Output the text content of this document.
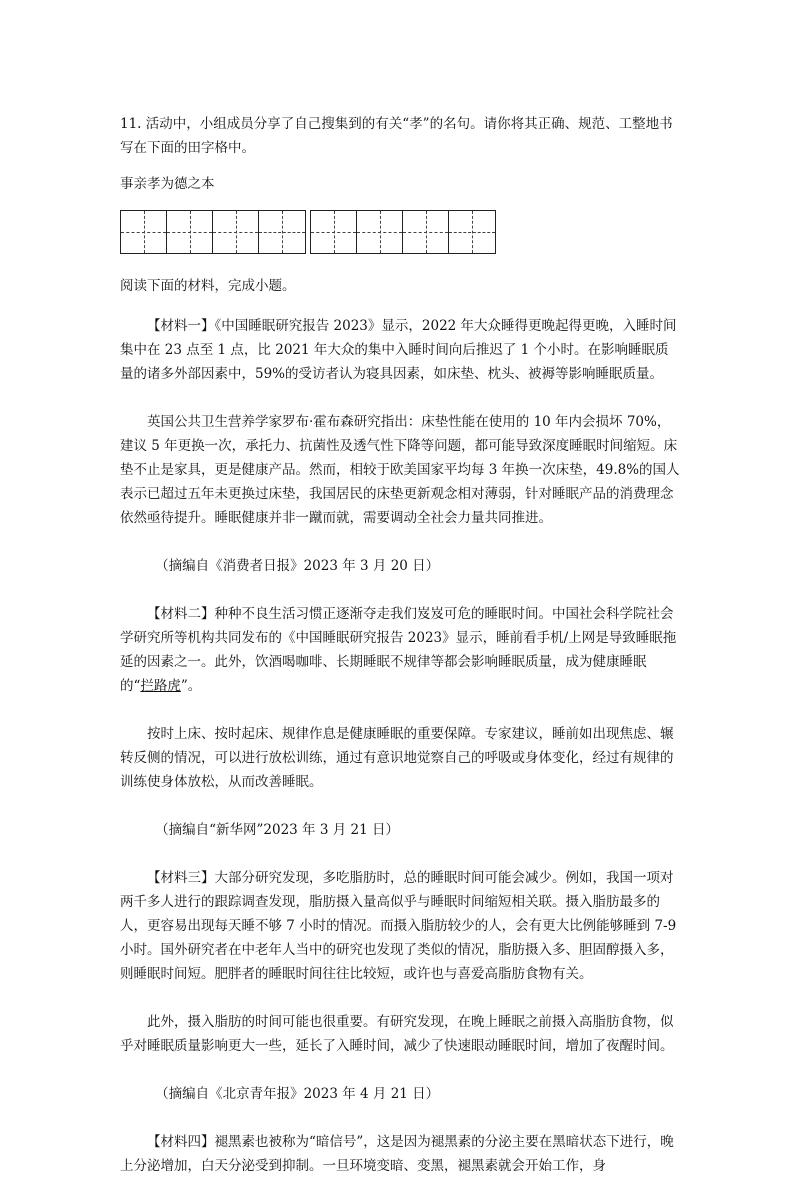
11. 活动中，小组成员分享了自己搜集到的有关“孝”的名句。请你将其正确、规范、工整地书写在下面的田字格中。

事亲孝为德之本

阅读下面的材料，完成小题。

【材料一】《中国睡眠研究报告 2023》显示，2022 年大众睡得更晚起得更晚，入睡时间集中在 23 点至 1 点，比 2021 年大众的集中入睡时间向后推迟了 1 个小时。在影响睡眠质量的诸多外部因素中，59%的受访者认为寝具因素，如床垫、枕头、被褥等影响睡眠质量。

英国公共卫生营养学家罗布·霍布森研究指出：床垫性能在使用的 10 年内会损坏 70%，建议 5 年更换一次，承托力、抗菌性及透气性下降等问题，都可能导致深度睡眠时间缩短。床垫不止是家具，更是健康产品。然而，相较于欧美国家平均每 3 年换一次床垫，49.8%的国人表示已超过五年未更换过床垫，我国居民的床垫更新观念相对薄弱，针对睡眠产品的消费理念依然亟待提升。睡眠健康并非一蹴而就，需要调动全社会力量共同推进。

（摘编自《消费者日报》2023 年 3 月 20 日）

【材料二】种种不良生活习惯正逐渐夺走我们岌岌可危的睡眠时间。中国社会科学院社会学研究所等机构共同发布的《中国睡眠研究报告 2023》显示，睡前看手机/上网是导致睡眠拖延的因素之一。此外，饮酒喝咖啡、长期睡眠不规律等都会影响睡眠质量，成为健康睡眠的“拦路虎”。

按时上床、按时起床、规律作息是健康睡眠的重要保障。专家建议，睡前如出现焦虑、辗转反侧的情况，可以进行放松训练，通过有意识地觉察自己的呼吸或身体变化，经过有规律的训练使身体放松，从而改善睡眠。

（摘编自“新华网”2023 年 3 月 21 日）

【材料三】大部分研究发现，多吃脂肪时，总的睡眠时间可能会减少。例如，我国一项对两千多人进行的跟踪调查发现，脂肪摄入量高似乎与睡眠时间缩短相关联。摄入脂肪最多的人，更容易出现每天睡不够 7 小时的情况。而摄入脂肪较少的人，会有更大比例能够睡到 7-9 小时。国外研究者在中老年人当中的研究也发现了类似的情况，脂肪摄入多、胆固醇摄入多，则睡眠时间短。肥胖者的睡眠时间往往比较短，或许也与喜爱高脂肪食物有关。

此外，摄入脂肪的时间可能也很重要。有研究发现，在晚上睡眠之前摄入高脂肪食物，似乎对睡眠质量影响更大一些，延长了入睡时间，减少了快速眼动睡眠时间，增加了夜醒时间。

（摘编自《北京青年报》2023 年 4 月 21 日）

【材料四】褪黑素也被称为“暗信号”，这是因为褪黑素的分泌主要在黑暗状态下进行，晚上分泌增加，白天分泌受到抑制。一旦环境变暗、变黑，褪黑素就会开始工作，身
